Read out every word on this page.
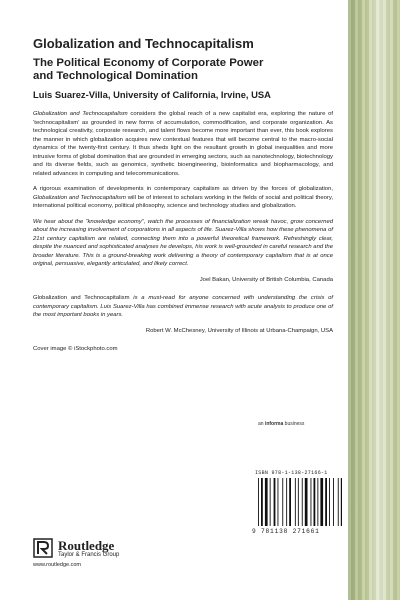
Globalization and Technocapitalism
The Political Economy of Corporate Power
and Technological Domination
Luis Suarez-Villa, University of California, Irvine, USA

Globalization and Technocapitalism considers the global reach of a new capitalist era, exploring the nature of ‘technocapitalism’ as grounded in new forms of accumulation, commodification, and corporate organization. As technological creativity, corporate research, and talent flows become more important than ever, this book explores the manner in which globalization acquires new contextual features that will become central to the macro-social dynamics of the twenty-first century. It thus sheds light on the resultant growth in global inequalities and more intrusive forms of global domination that are grounded in emerging sectors, such as nanotechnology, biotechnology and its diverse fields, such as genomics, synthetic bioengineering, bioinformatics and biopharmacology, and related advances in computing and telecommunications.

A rigorous examination of developments in contemporary capitalism as driven by the forces of globalization, Globalization and Technocapitalism will be of interest to scholars working in the fields of social and political theory, international political economy, political philosophy, science and technology studies and globalization.

We hear about the “knowledge economy”, watch the processes of financialization wreak havoc, grow concerned about the increasing involvement of corporations in all aspects of life. Suarez-Villa shows how these phenomena of 21st century capitalism are related, connecting them into a powerful theoretical framework. Refreshingly clear, despite the nuanced and sophisticated analyses he develops, his work is well-grounded in careful research and the broader literature. This is a ground-breaking work delivering a theory of contemporary capitalism that is at once original, persuasive, elegantly articulated, and likely correct.

Joel Bakan, University of British Columbia, Canada

Globalization and Technocapitalism is a must-read for anyone concerned with understanding the crisis of contemporary capitalism. Luis Suarez-Villa has combined immense research with acute analysis to produce one of the most important books in years.

Robert W. McChesney, University of Illinois at Urbana-Champaign, USA

Cover image © iStockphoto.com

an informa business
ISBN 978-1-138-27166-1
9 781138 271661
Routledge
Taylor & Francis Group
www.routledge.com
